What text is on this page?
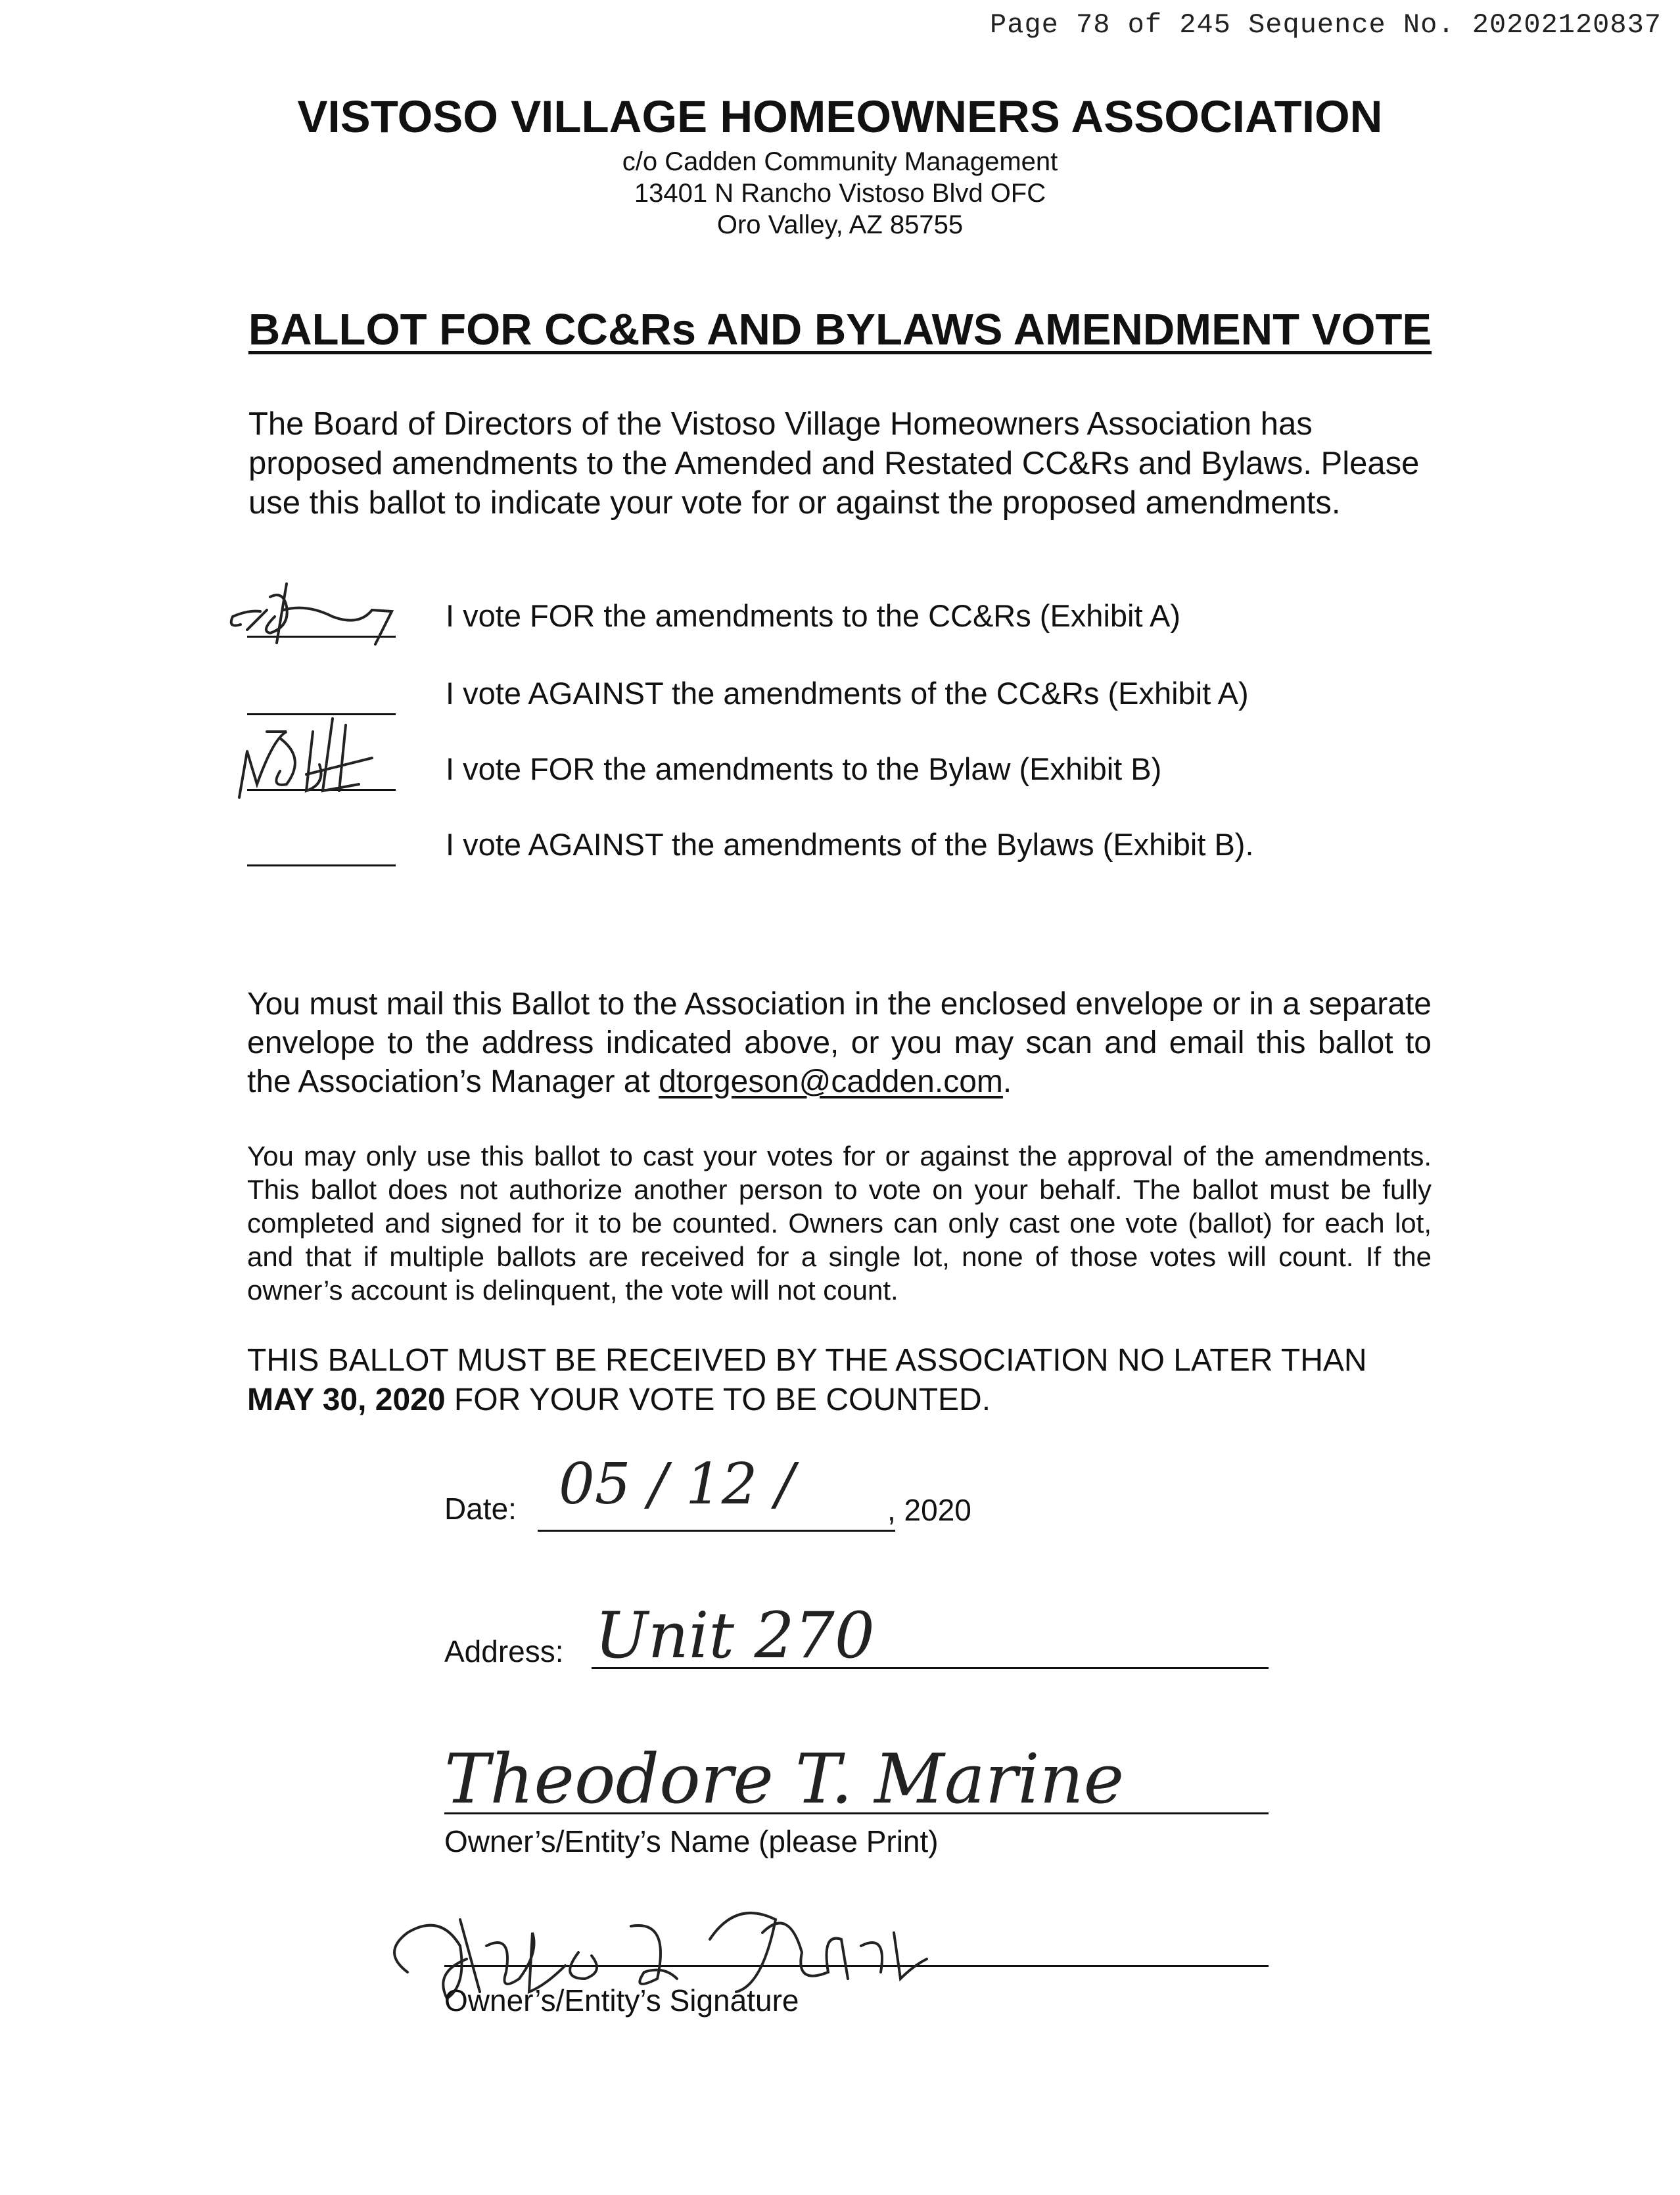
Page 78 of 245 Sequence No. 20202120837
VISTOSO VILLAGE HOMEOWNERS ASSOCIATION
c/o Cadden Community Management
13401 N Rancho Vistoso Blvd OFC
Oro Valley, AZ 85755
BALLOT FOR CC&Rs AND BYLAWS AMENDMENT VOTE
The Board of Directors of the Vistoso Village Homeowners Association has proposed amendments to the Amended and Restated CC&Rs and Bylaws. Please use this ballot to indicate your vote for or against the proposed amendments.
I vote FOR the amendments to the CC&Rs (Exhibit A)
I vote AGAINST the amendments of the CC&Rs (Exhibit A)
I vote FOR the amendments to the Bylaw (Exhibit B)
I vote AGAINST the amendments of the Bylaws (Exhibit B).
You must mail this Ballot to the Association in the enclosed envelope or in a separate envelope to the address indicated above, or you may scan and email this ballot to the Association’s Manager at dtorgeson@cadden.com.
You may only use this ballot to cast your votes for or against the approval of the amendments. This ballot does not authorize another person to vote on your behalf. The ballot must be fully completed and signed for it to be counted. Owners can only cast one vote (ballot) for each lot, and that if multiple ballots are received for a single lot, none of those votes will count. If the owner’s account is delinquent, the vote will not count.
THIS BALLOT MUST BE RECEIVED BY THE ASSOCIATION NO LATER THAN
MAY 30, 2020 FOR YOUR VOTE TO BE COUNTED.
Date: 05 / 12 /	, 2020
Address: Unit 270
Theodore T. Marine
Owner’s/Entity’s Name (please Print)
Owner’s/Entity’s Signature
